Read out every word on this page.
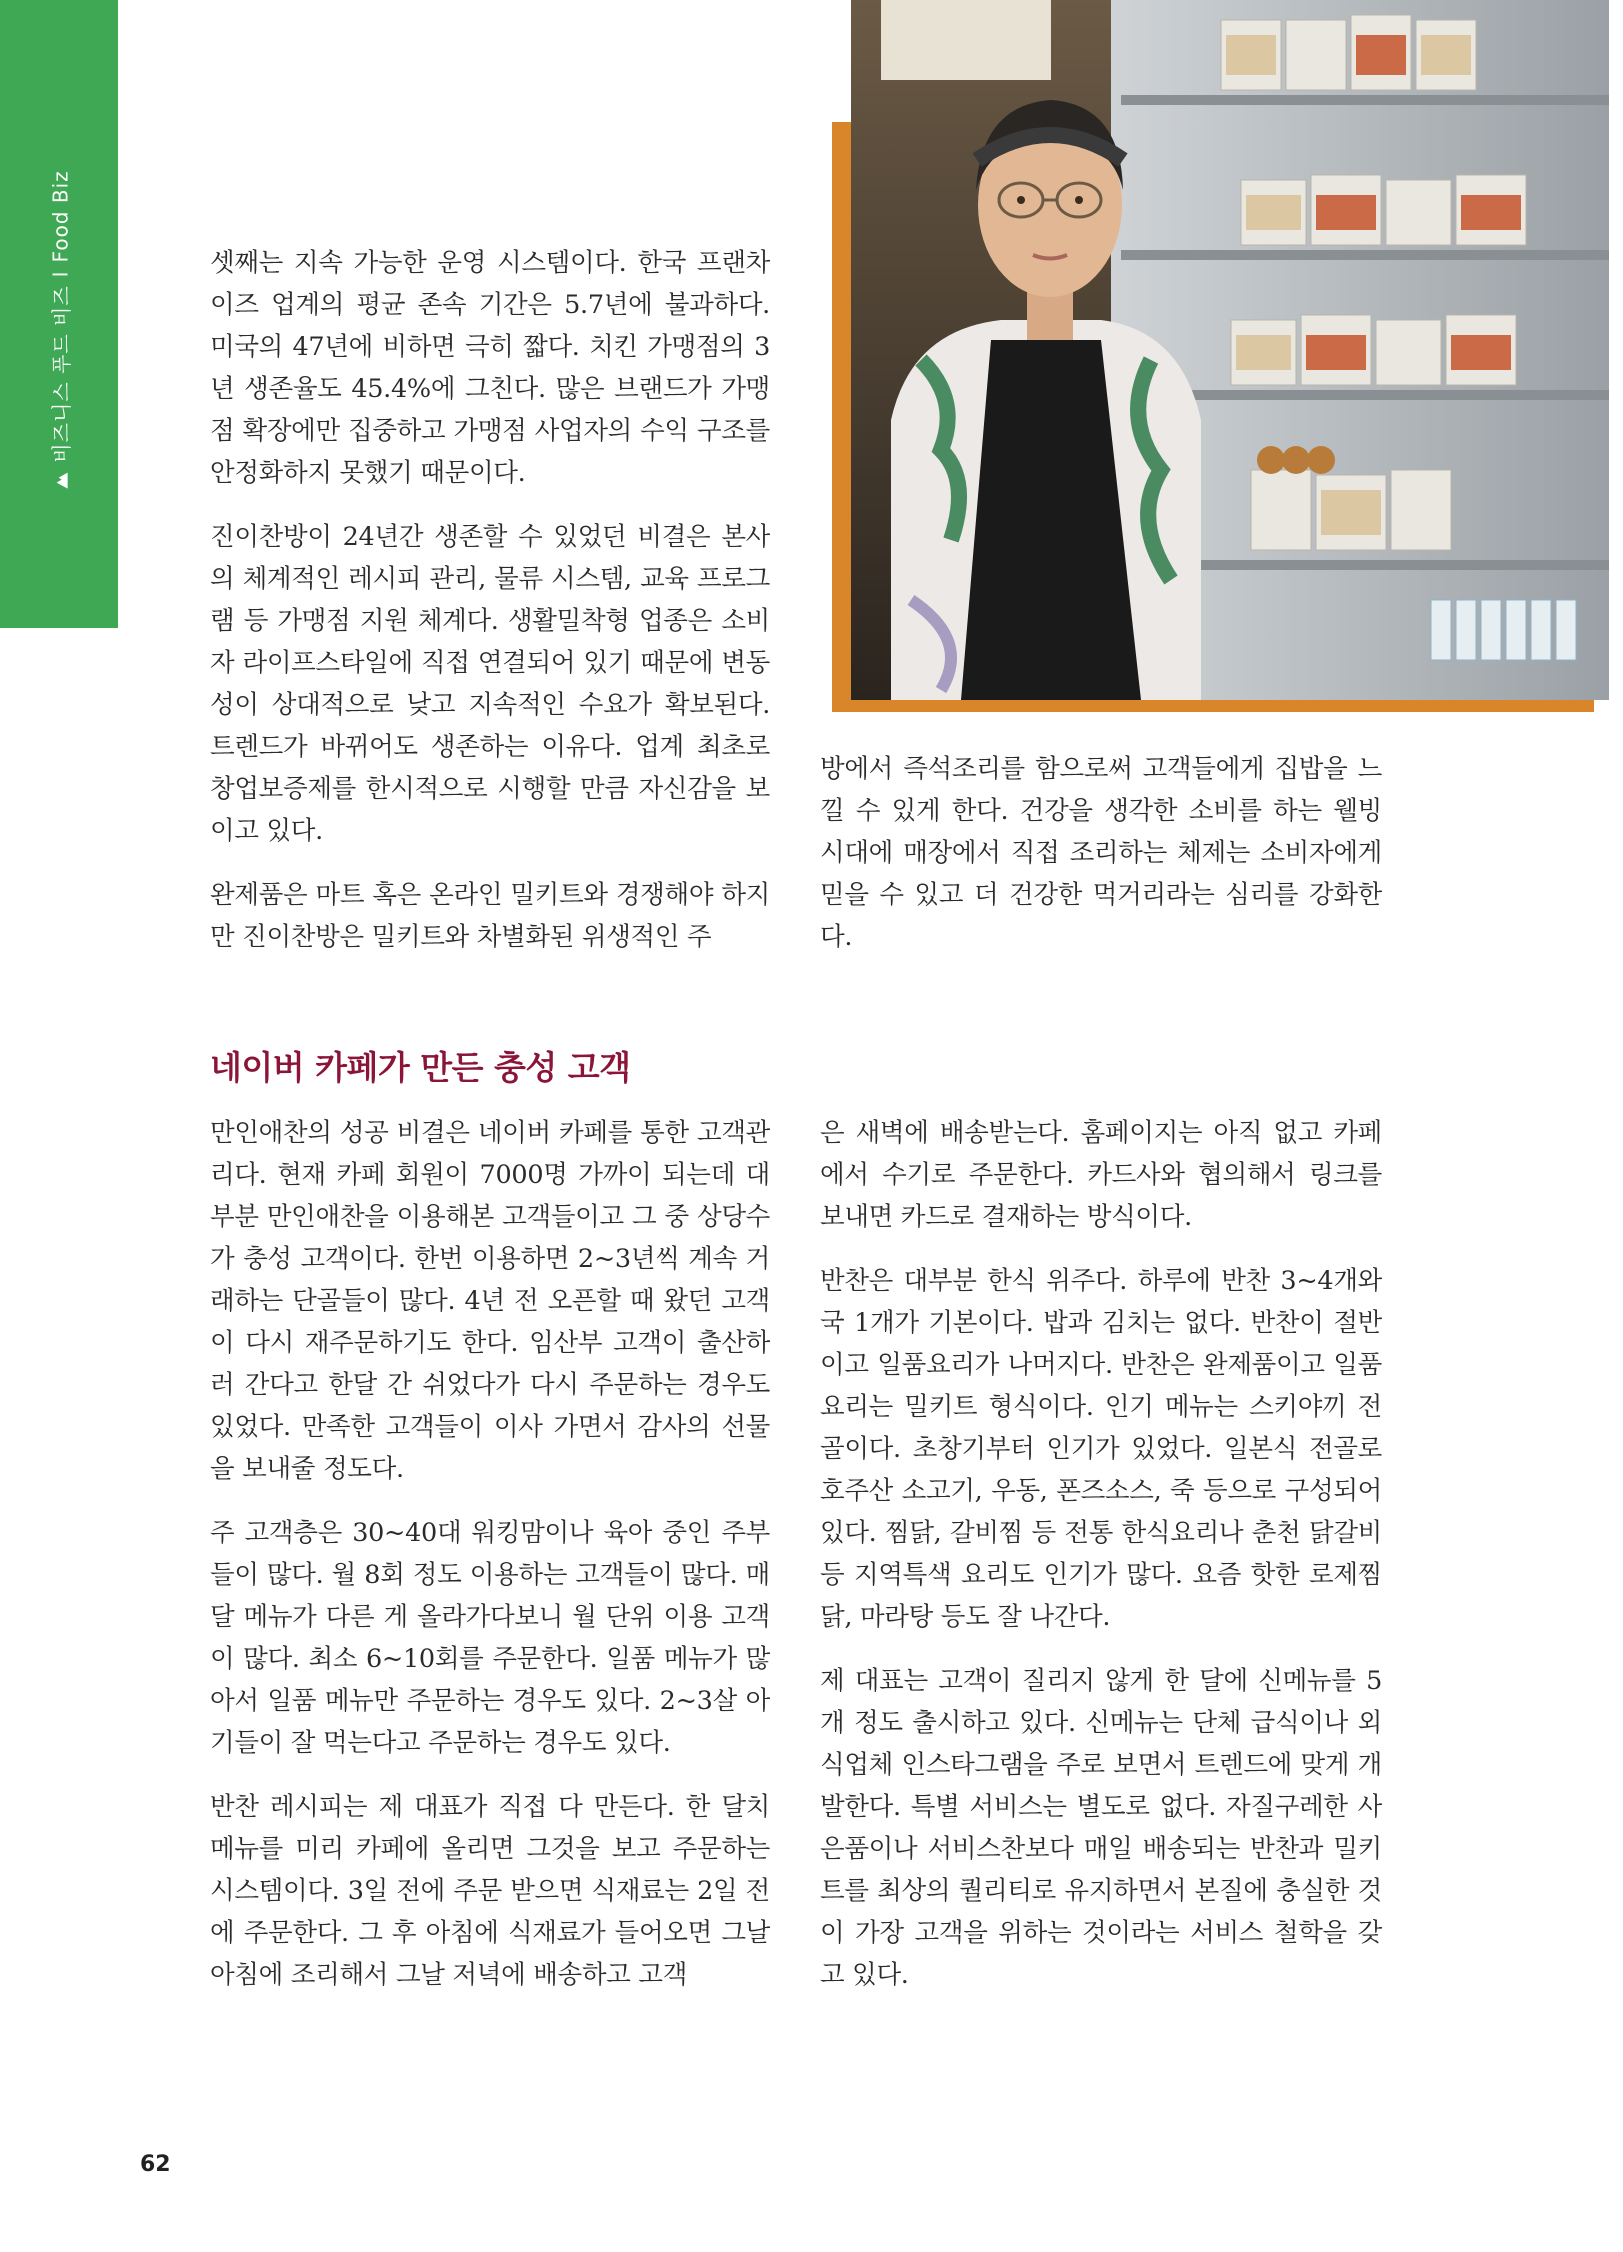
비즈니스 푸드 비즈
I
Food Biz

셋째는 지속 가능한 운영 시스템이다. 한국 프랜차이즈 업계의 평균 존속 기간은 5.7년에 불과하다. 미국의 47년에 비하면 극히 짧다. 치킨 가맹점의 3년 생존율도 45.4%에 그친다. 많은 브랜드가 가맹점 확장에만 집중하고 가맹점 사업자의 수익 구조를 안정화하지 못했기 때문이다.

진이찬방이 24년간 생존할 수 있었던 비결은 본사의 체계적인 레시피 관리, 물류 시스템, 교육 프로그램 등 가맹점 지원 체계다. 생활밀착형 업종은 소비자 라이프스타일에 직접 연결되어 있기 때문에 변동성이 상대적으로 낮고 지속적인 수요가 확보된다. 트렌드가 바뀌어도 생존하는 이유다. 업계 최초로 창업보증제를 한시적으로 시행할 만큼 자신감을 보이고 있다.

완제품은 마트 혹은 온라인 밀키트와 경쟁해야 하지만 진이찬방은 밀키트와 차별화된 위생적인 주

방에서 즉석조리를 함으로써 고객들에게 집밥을 느낄 수 있게 한다. 건강을 생각한 소비를 하는 웰빙 시대에 매장에서 직접 조리하는 체제는 소비자에게 믿을 수 있고 더 건강한 먹거리라는 심리를 강화한다.

네이버 카페가 만든 충성 고객

만인애찬의 성공 비결은 네이버 카페를 통한 고객관리다. 현재 카페 회원이 7000명 가까이 되는데 대부분 만인애찬을 이용해본 고객들이고 그 중 상당수가 충성 고객이다. 한번 이용하면 2~3년씩 계속 거래하는 단골들이 많다. 4년 전 오픈할 때 왔던 고객이 다시 재주문하기도 한다. 임산부 고객이 출산하러 간다고 한달 간 쉬었다가 다시 주문하는 경우도 있었다. 만족한 고객들이 이사 가면서 감사의 선물을 보내줄 정도다.

주 고객층은 30~40대 워킹맘이나 육아 중인 주부들이 많다. 월 8회 정도 이용하는 고객들이 많다. 매달 메뉴가 다른 게 올라가다보니 월 단위 이용 고객이 많다. 최소 6~10회를 주문한다. 일품 메뉴가 많아서 일품 메뉴만 주문하는 경우도 있다. 2~3살 아기들이 잘 먹는다고 주문하는 경우도 있다.

반찬 레시피는 제 대표가 직접 다 만든다. 한 달치 메뉴를 미리 카페에 올리면 그것을 보고 주문하는 시스템이다. 3일 전에 주문 받으면 식재료는 2일 전에 주문한다. 그 후 아침에 식재료가 들어오면 그날 아침에 조리해서 그날 저녁에 배송하고 고객

은 새벽에 배송받는다. 홈페이지는 아직 없고 카페에서 수기로 주문한다. 카드사와 협의해서 링크를 보내면 카드로 결재하는 방식이다.

반찬은 대부분 한식 위주다. 하루에 반찬 3~4개와 국 1개가 기본이다. 밥과 김치는 없다. 반찬이 절반이고 일품요리가 나머지다. 반찬은 완제품이고 일품요리는 밀키트 형식이다. 인기 메뉴는 스키야끼 전골이다. 초창기부터 인기가 있었다. 일본식 전골로 호주산 소고기, 우동, 폰즈소스, 죽 등으로 구성되어 있다. 찜닭, 갈비찜 등 전통 한식요리나 춘천 닭갈비 등 지역특색 요리도 인기가 많다. 요즘 핫한 로제찜닭, 마라탕 등도 잘 나간다.

제 대표는 고객이 질리지 않게 한 달에 신메뉴를 5개 정도 출시하고 있다. 신메뉴는 단체 급식이나 외식업체 인스타그램을 주로 보면서 트렌드에 맞게 개발한다. 특별 서비스는 별도로 없다. 자질구레한 사은품이나 서비스찬보다 매일 배송되는 반찬과 밀키트를 최상의 퀄리티로 유지하면서 본질에 충실한 것이 가장 고객을 위하는 것이라는 서비스 철학을 갖고 있다.

62
